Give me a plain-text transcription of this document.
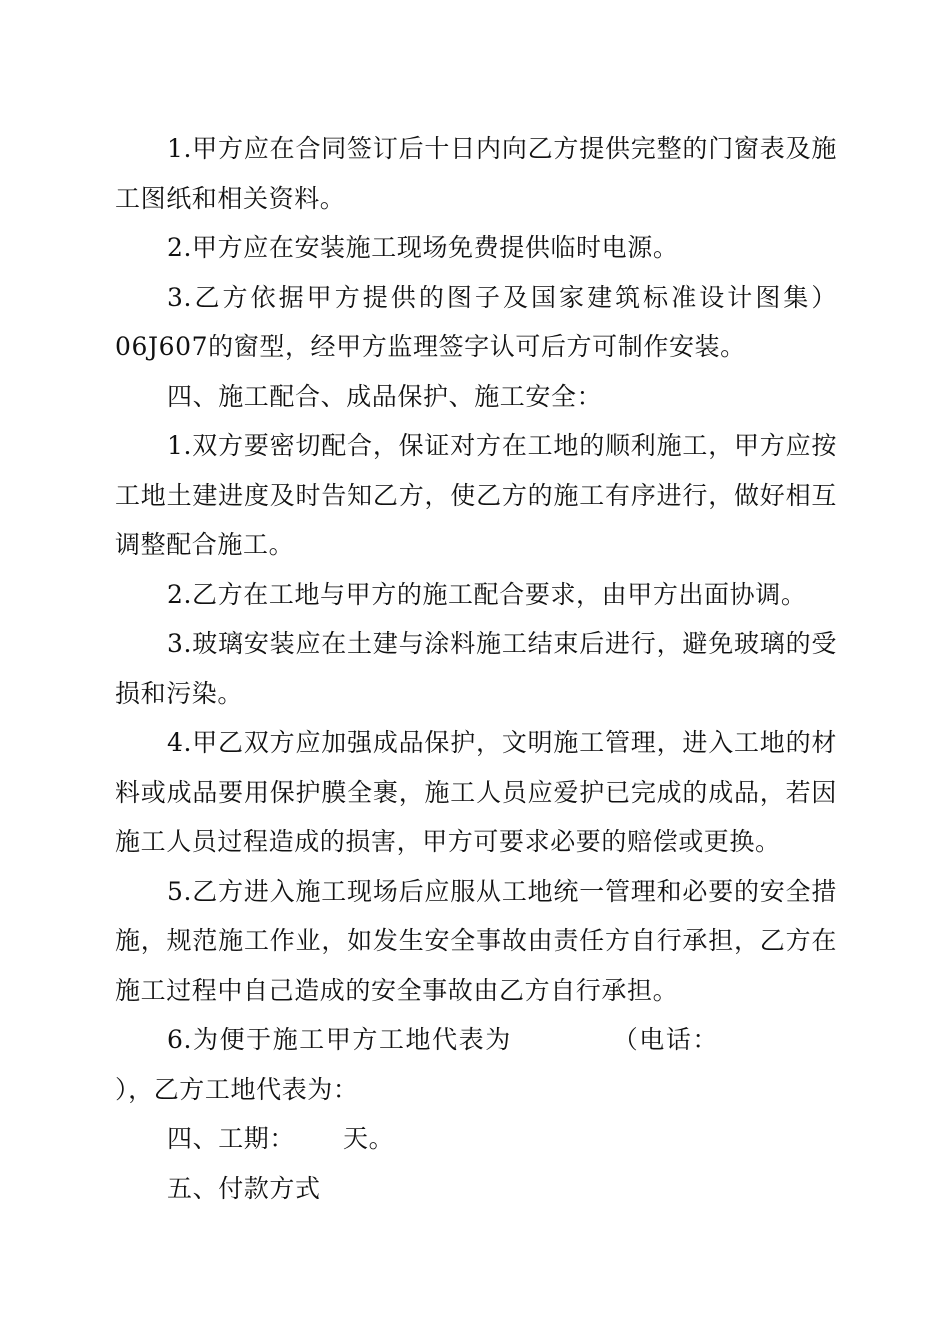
1.甲方应在合同签订后十日内向乙方提供完整的门窗表及施工图纸和相关资料。

2.甲方应在安装施工现场免费提供临时电源。

3.乙方依据甲方提供的图子及国家建筑标准设计图集）06J607的窗型，经甲方监理签字认可后方可制作安装。

四、施工配合、成品保护、施工安全：

1.双方要密切配合，保证对方在工地的顺利施工，甲方应按工地土建进度及时告知乙方，使乙方的施工有序进行，做好相互调整配合施工。

2.乙方在工地与甲方的施工配合要求，由甲方出面协调。

3.玻璃安装应在土建与涂料施工结束后进行，避免玻璃的受损和污染。

4.甲乙双方应加强成品保护，文明施工管理，进入工地的材料或成品要用保护膜全裹，施工人员应爱护已完成的成品，若因施工人员过程造成的损害，甲方可要求必要的赔偿或更换。

5.乙方进入施工现场后应服从工地统一管理和必要的安全措施，规范施工作业，如发生安全事故由责任方自行承担，乙方在施工过程中自己造成的安全事故由乙方自行承担。

6.为便于施工甲方工地代表为	（电话：），乙方工地代表为：

四、工期： 天。

五、付款方式
